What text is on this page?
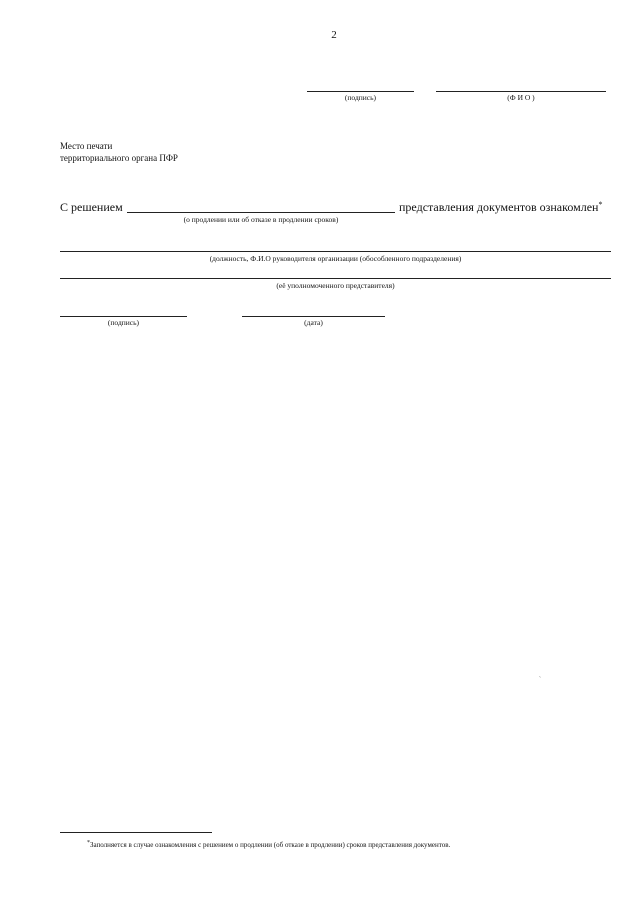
2
(подпись)	(Ф И О )
Место печати
территориального органа ПФР
С решением
(о продлении или об отказе в продлении сроков)
представления документов ознакомлен*
(должность, Ф.И.О руководителя организации (обособленного подразделения)
(её уполномоченного представителя)
(подпись)	(дата)
ˏ
*Заполняется в случае ознакомления с решением о продлении (об отказе в продлении) сроков представления документов.
